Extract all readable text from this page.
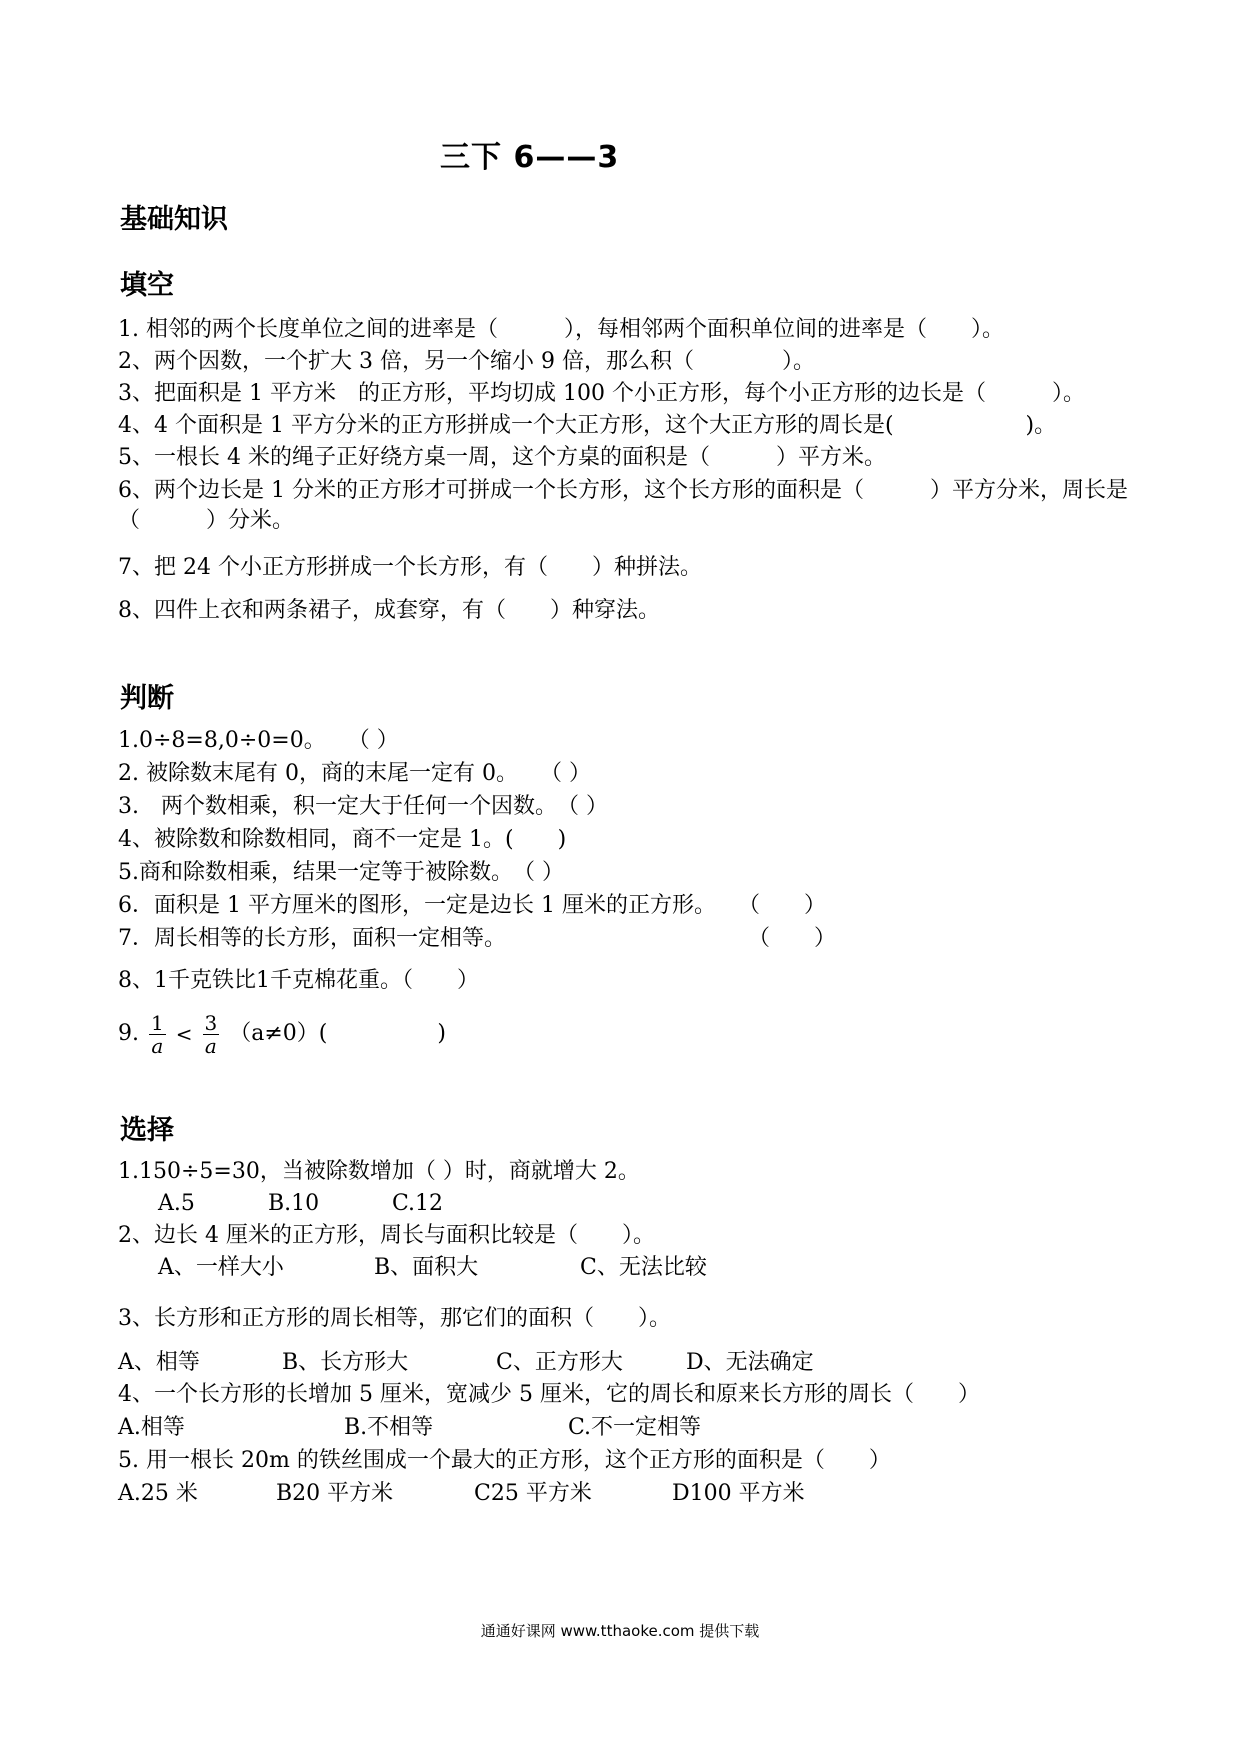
三下 6——3
基础知识
填空
1. 相邻的两个长度单位之间的进率是（　　　），每相邻两个面积单位间的进率是（　　）。
2、两个因数，一个扩大 3 倍，另一个缩小 9 倍，那么积（　　　　）。
3、把面积是 1 平方米　的正方形，平均切成 100 个小正方形，每个小正方形的边长是（　　　）。
4、4 个面积是 1 平方分米的正方形拼成一个大正方形，这个大正方形的周长是(　　　　　　)。
5、一根长 4 米的绳子正好绕方桌一周，这个方桌的面积是（　　　）平方米。
6、两个边长是 1 分米的正方形才可拼成一个长方形，这个长方形的面积是（　　　）平方分米，周长是（　　　）分米。
7、把 24 个小正方形拼成一个长方形，有（　　）种拼法。
8、四件上衣和两条裙子，成套穿，有（　　）种穿法。
判断
1.0÷8=8,0÷0=0。　　（ ）
2. 被除数末尾有 0，商的末尾一定有 0。　　（ ）
3.　两个数相乘，积一定大于任何一个因数。　（ ）
4、被除数和除数相同，商不一定是 1。(　　)
5.商和除数相乘，结果一定等于被除数。　（ ）
6．面积是 1 平方厘米的图形，一定是边长 1 厘米的正方形。　　（　　）
7．周长相等的长方形，面积一定相等。　　　　　　　　　　　　（　　）
8、1千克铁比1千克棉花重。（　　）
9. $\frac{1}{a} < \frac{3}{a} (a\ne 0)$(　　　　　)
选择
1.150÷5=30，当被除数增加（ ）时，商就增大 2。
A.5	B.10	C.12
2、边长 4 厘米的正方形，周长与面积比较是（　　）。
A、一样大小	B、面积大	C、无法比较
3、长方形和正方形的周长相等，那它们的面积（　　）。
A、相等	B、长方形大	C、正方形大	D、无法确定
4、一个长方形的长增加 5 厘米，宽减少 5 厘米，它的周长和原来长方形的周长（　　）
A.相等	B.不相等	C.不一定相等
5. 用一根长 20m 的铁丝围成一个最大的正方形，这个正方形的面积是（　　）
A.25 米	B20 平方米	C25 平方米	D100 平方米
通通好课网 www.tthaoke.com 提供下载
